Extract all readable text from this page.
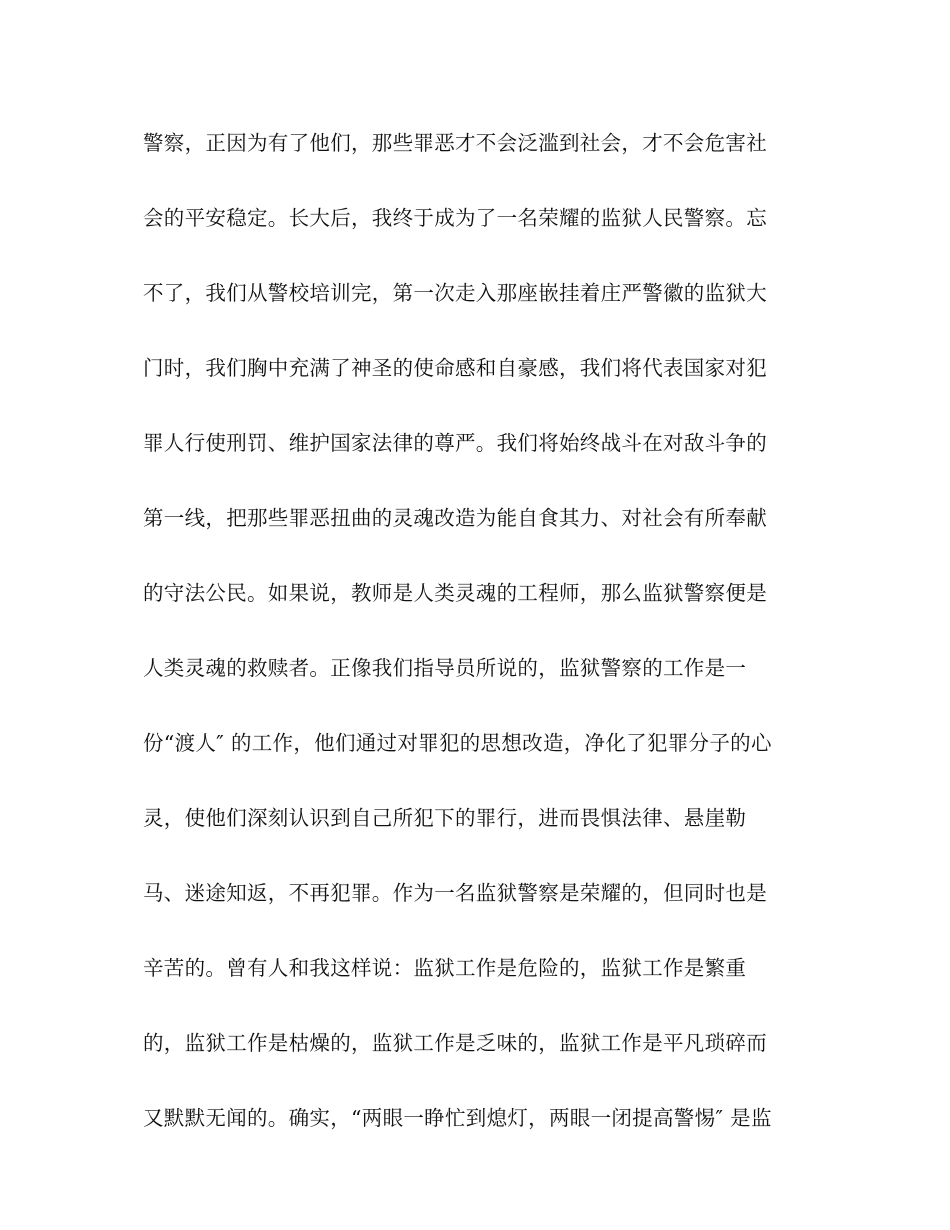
警察，正因为有了他们，那些罪恶才不会泛滥到社会，才不会危害社
会的平安稳定。长大后，我终于成为了一名荣耀的监狱人民警察。忘
不了，我们从警校培训完，第一次走入那座嵌挂着庄严警徽的监狱大
门时，我们胸中充满了神圣的使命感和自豪感，我们将代表国家对犯
罪人行使刑罚、维护国家法律的尊严。我们将始终战斗在对敌斗争的
第一线，把那些罪恶扭曲的灵魂改造为能自食其力、对社会有所奉献
的守法公民。如果说，教师是人类灵魂的工程师，那么监狱警察便是
人类灵魂的救赎者。正像我们指导员所说的，监狱警察的工作是一
份“渡人″ 的工作，他们通过对罪犯的思想改造，净化了犯罪分子的心
灵，使他们深刻认识到自己所犯下的罪行，进而畏惧法律、悬崖勒
马、迷途知返，不再犯罪。作为一名监狱警察是荣耀的，但同时也是
辛苦的。曾有人和我这样说：监狱工作是危险的，监狱工作是繁重
的，监狱工作是枯燥的，监狱工作是乏味的，监狱工作是平凡琐碎而
又默默无闻的。确实，“两眼一睁忙到熄灯，两眼一闭提高警惕″ 是监
